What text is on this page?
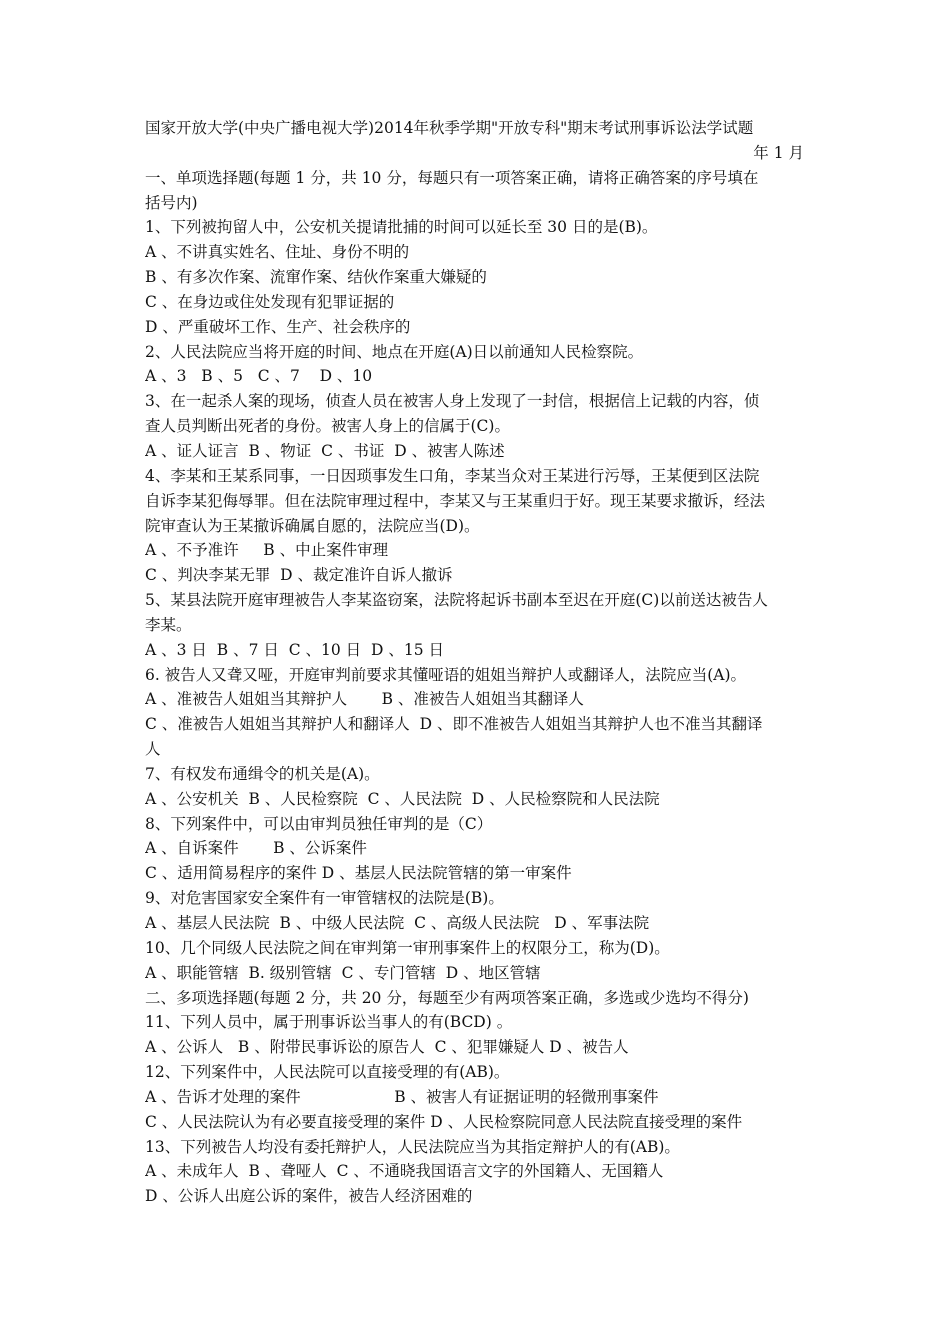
国家开放大学(中央广播电视大学)2014年秋季学期"开放专科"期末考试刑事诉讼法学试题
年 1 月
一、单项选择题(每题 1 分，共 10 分，每题只有一项答案正确，请将正确答案的序号填在
括号内)
1、下列被拘留人中，公安机关提请批捕的时间可以延长至 30 日的是(B)。
A 、不讲真实姓名、住址、身份不明的
B 、有多次作案、流窜作案、结伙作案重大嫌疑的
C 、在身边或住处发现有犯罪证据的
D 、严重破坏工作、生产、社会秩序的
2、人民法院应当将开庭的时间、地点在开庭(A)日以前通知人民检察院。
A 、3   B 、5   C 、7    D 、10
3、在一起杀人案的现场，侦查人员在被害人身上发现了一封信，根据信上记载的内容，侦
查人员判断出死者的身份。被害人身上的信属于(C)。
A 、证人证言  B 、物证  C 、书证  D 、被害人陈述
4、李某和王某系同事，一日因琐事发生口角，李某当众对王某进行污辱，王某便到区法院
自诉李某犯侮辱罪。但在法院审理过程中，李某又与王某重归于好。现王某要求撤诉，经法
院审查认为王某撤诉确属自愿的，法院应当(D)。
A 、不予准许     B 、中止案件审理
C 、判决李某无罪  D 、裁定准许自诉人撤诉
5、某县法院开庭审理被告人李某盗窃案，法院将起诉书副本至迟在开庭(C)以前送达被告人
李某。
A 、3 日  B 、7 日  C 、10 日  D 、15 日
6. 被告人又聋又哑，开庭审判前要求其懂哑语的姐姐当辩护人或翻译人，法院应当(A)。
A 、准被告人姐姐当其辩护人       B 、准被告人姐姐当其翻译人
C 、准被告人姐姐当其辩护人和翻译人  D 、即不准被告人姐姐当其辩护人也不准当其翻译
人
7、有权发布通缉令的机关是(A)。
A 、公安机关  B 、人民检察院  C 、人民法院  D 、人民检察院和人民法院
8、下列案件中，可以由审判员独任审判的是（C）
A 、自诉案件       B 、公诉案件
C 、适用简易程序的案件 D 、基层人民法院管辖的第一审案件
9、对危害国家安全案件有一审管辖权的法院是(B)。
A 、基层人民法院  B 、中级人民法院  C 、高级人民法院   D 、军事法院
10、几个同级人民法院之间在审判第一审刑事案件上的权限分工，称为(D)。
A 、职能管辖  B. 级别管辖  C 、专门管辖  D 、地区管辖
二、多项选择题(每题 2 分，共 20 分，每题至少有两项答案正确，多选或少选均不得分)
11、下列人员中，属于刑事诉讼当事人的有(BCD) 。
A 、公诉人   B 、附带民事诉讼的原告人  C 、犯罪嫌疑人 D 、被告人
12、下列案件中，人民法院可以直接受理的有(AB)。
A 、告诉才处理的案件                   B 、被害人有证据证明的轻微刑事案件
C 、人民法院认为有必要直接受理的案件 D 、人民检察院同意人民法院直接受理的案件
13、下列被告人均没有委托辩护人，人民法院应当为其指定辩护人的有(AB)。
A 、未成年人  B 、聋哑人  C 、不通晓我国语言文字的外国籍人、无国籍人
D 、公诉人出庭公诉的案件，被告人经济困难的
